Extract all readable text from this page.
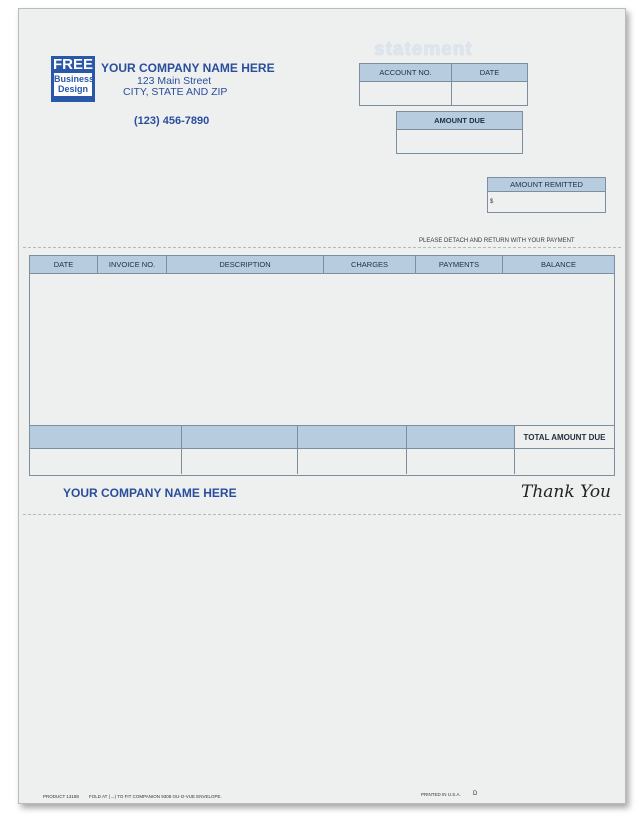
FREE
Business
Design
YOUR COMPANY NAME HERE
123 Main Street
CITY, STATE AND ZIP
(123) 456-7890
statement
ACCOUNT NO.	DATE
AMOUNT DUE
AMOUNT REMITTED
$
PLEASE DETACH AND RETURN WITH YOUR PAYMENT
DATE	INVOICE NO.	DESCRIPTION	CHARGES	PAYMENTS	BALANCE
TOTAL AMOUNT DUE
YOUR COMPANY NAME HERE	Thank You
PRODUCT 13188 FOLD AT (→) TO FIT COMPANION 9308 OU-O-VUE ENVELOPE.	PRINTED IN U.S.A. D
